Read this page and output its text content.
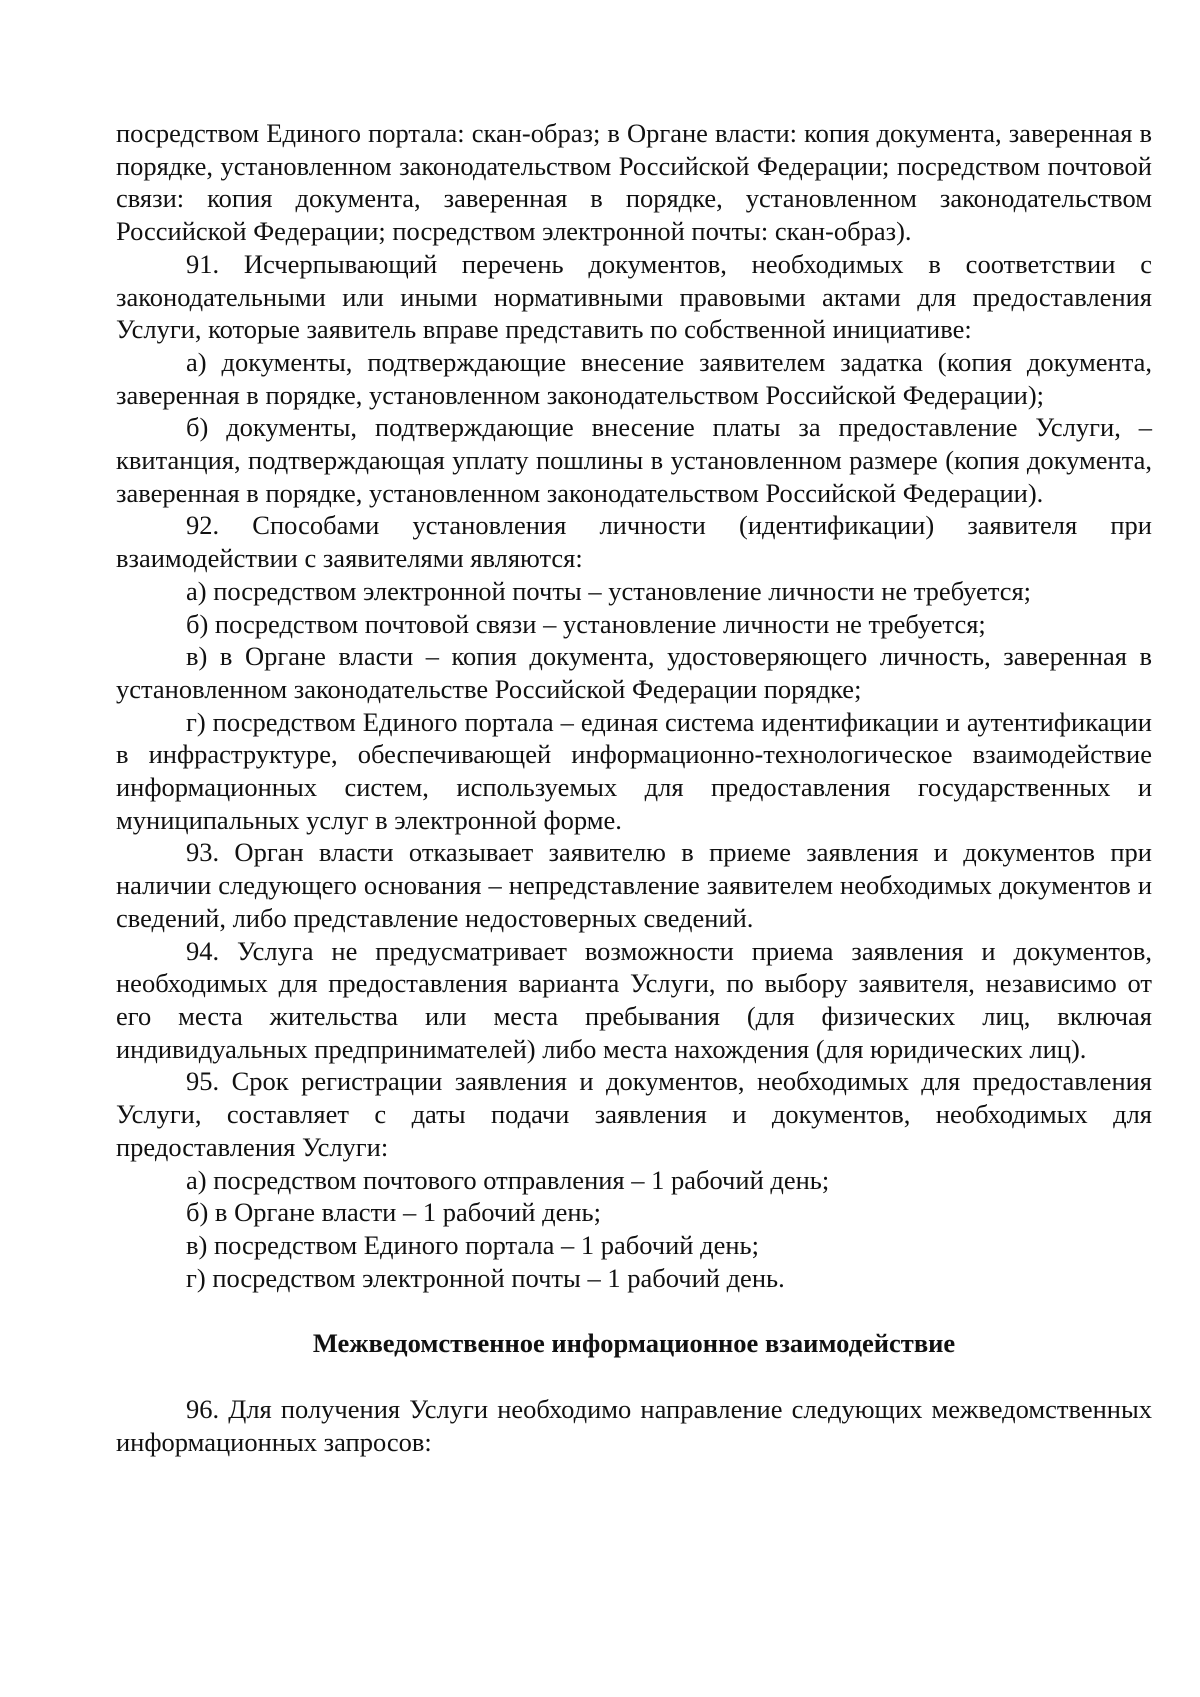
посредством Единого портала: скан-образ; в Органе власти: копия документа, заверенная в порядке, установленном законодательством Российской Федерации; посредством почтовой связи: копия документа, заверенная в порядке, установленном законодательством Российской Федерации; посредством электронной почты: скан-образ).

91. Исчерпывающий перечень документов, необходимых в соответствии с законодательными или иными нормативными правовыми актами для предоставления Услуги, которые заявитель вправе представить по собственной инициативе:

а) документы, подтверждающие внесение заявителем задатка (копия документа, заверенная в порядке, установленном законодательством Российской Федерации);

б) документы, подтверждающие внесение платы за предоставление Услуги, – квитанция, подтверждающая уплату пошлины в установленном размере (копия документа, заверенная в порядке, установленном законодательством Российской Федерации).

92. Способами установления личности (идентификации) заявителя при взаимодействии с заявителями являются:

а) посредством электронной почты – установление личности не требуется;

б) посредством почтовой связи – установление личности не требуется;

в) в Органе власти – копия документа, удостоверяющего личность, заверенная в установленном законодательстве Российской Федерации порядке;

г) посредством Единого портала – единая система идентификации и аутентификации в инфраструктуре, обеспечивающей информационно-технологическое взаимодействие информационных систем, используемых для предоставления государственных и муниципальных услуг в электронной форме.

93. Орган власти отказывает заявителю в приеме заявления и документов при наличии следующего основания – непредставление заявителем необходимых документов и сведений, либо представление недостоверных сведений.

94. Услуга не предусматривает возможности приема заявления и документов, необходимых для предоставления варианта Услуги, по выбору заявителя, независимо от его места жительства или места пребывания (для физических лиц, включая индивидуальных предпринимателей) либо места нахождения (для юридических лиц).

95. Срок регистрации заявления и документов, необходимых для предоставления Услуги, составляет с даты подачи заявления и документов, необходимых для предоставления Услуги:

а) посредством почтового отправления – 1 рабочий день;

б) в Органе власти – 1 рабочий день;

в) посредством Единого портала – 1 рабочий день;

г) посредством электронной почты – 1 рабочий день.

Межведомственное информационное взаимодействие

96. Для получения Услуги необходимо направление следующих межведомственных информационных запросов:
